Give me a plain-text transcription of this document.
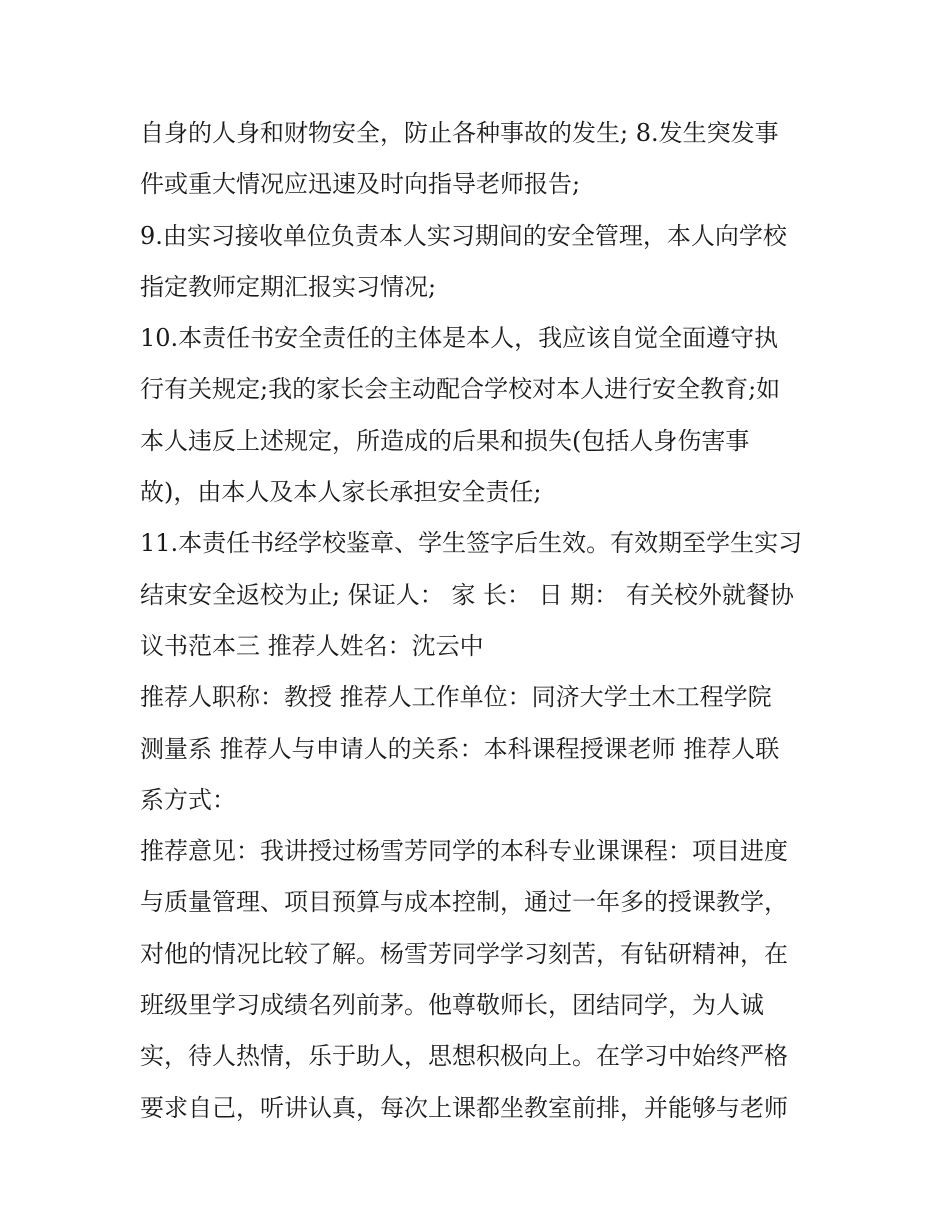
自身的人身和财物安全，防止各种事故的发生; 8.发生突发事
件或重大情况应迅速及时向指导老师报告;
9.由实习接收单位负责本人实习期间的安全管理，本人向学校
指定教师定期汇报实习情况;
10.本责任书安全责任的主体是本人，我应该自觉全面遵守执
行有关规定;我的家长会主动配合学校对本人进行安全教育;如
本人违反上述规定，所造成的后果和损失(包括人身伤害事
故)，由本人及本人家长承担安全责任;
11.本责任书经学校鉴章、学生签字后生效。有效期至学生实习
结束安全返校为止; 保证人： 家 长： 日 期： 有关校外就餐协
议书范本三 推荐人姓名：沈云中
推荐人职称：教授 推荐人工作单位：同济大学土木工程学院
测量系 推荐人与申请人的关系：本科课程授课老师 推荐人联
系方式：
推荐意见：我讲授过杨雪芳同学的本科专业课课程：项目进度
与质量管理、项目预算与成本控制，通过一年多的授课教学，
对他的情况比较了解。杨雪芳同学学习刻苦，有钻研精神，在
班级里学习成绩名列前茅。他尊敬师长，团结同学，为人诚
实，待人热情，乐于助人，思想积极向上。在学习中始终严格
要求自己，听讲认真，每次上课都坐教室前排，并能够与老师
